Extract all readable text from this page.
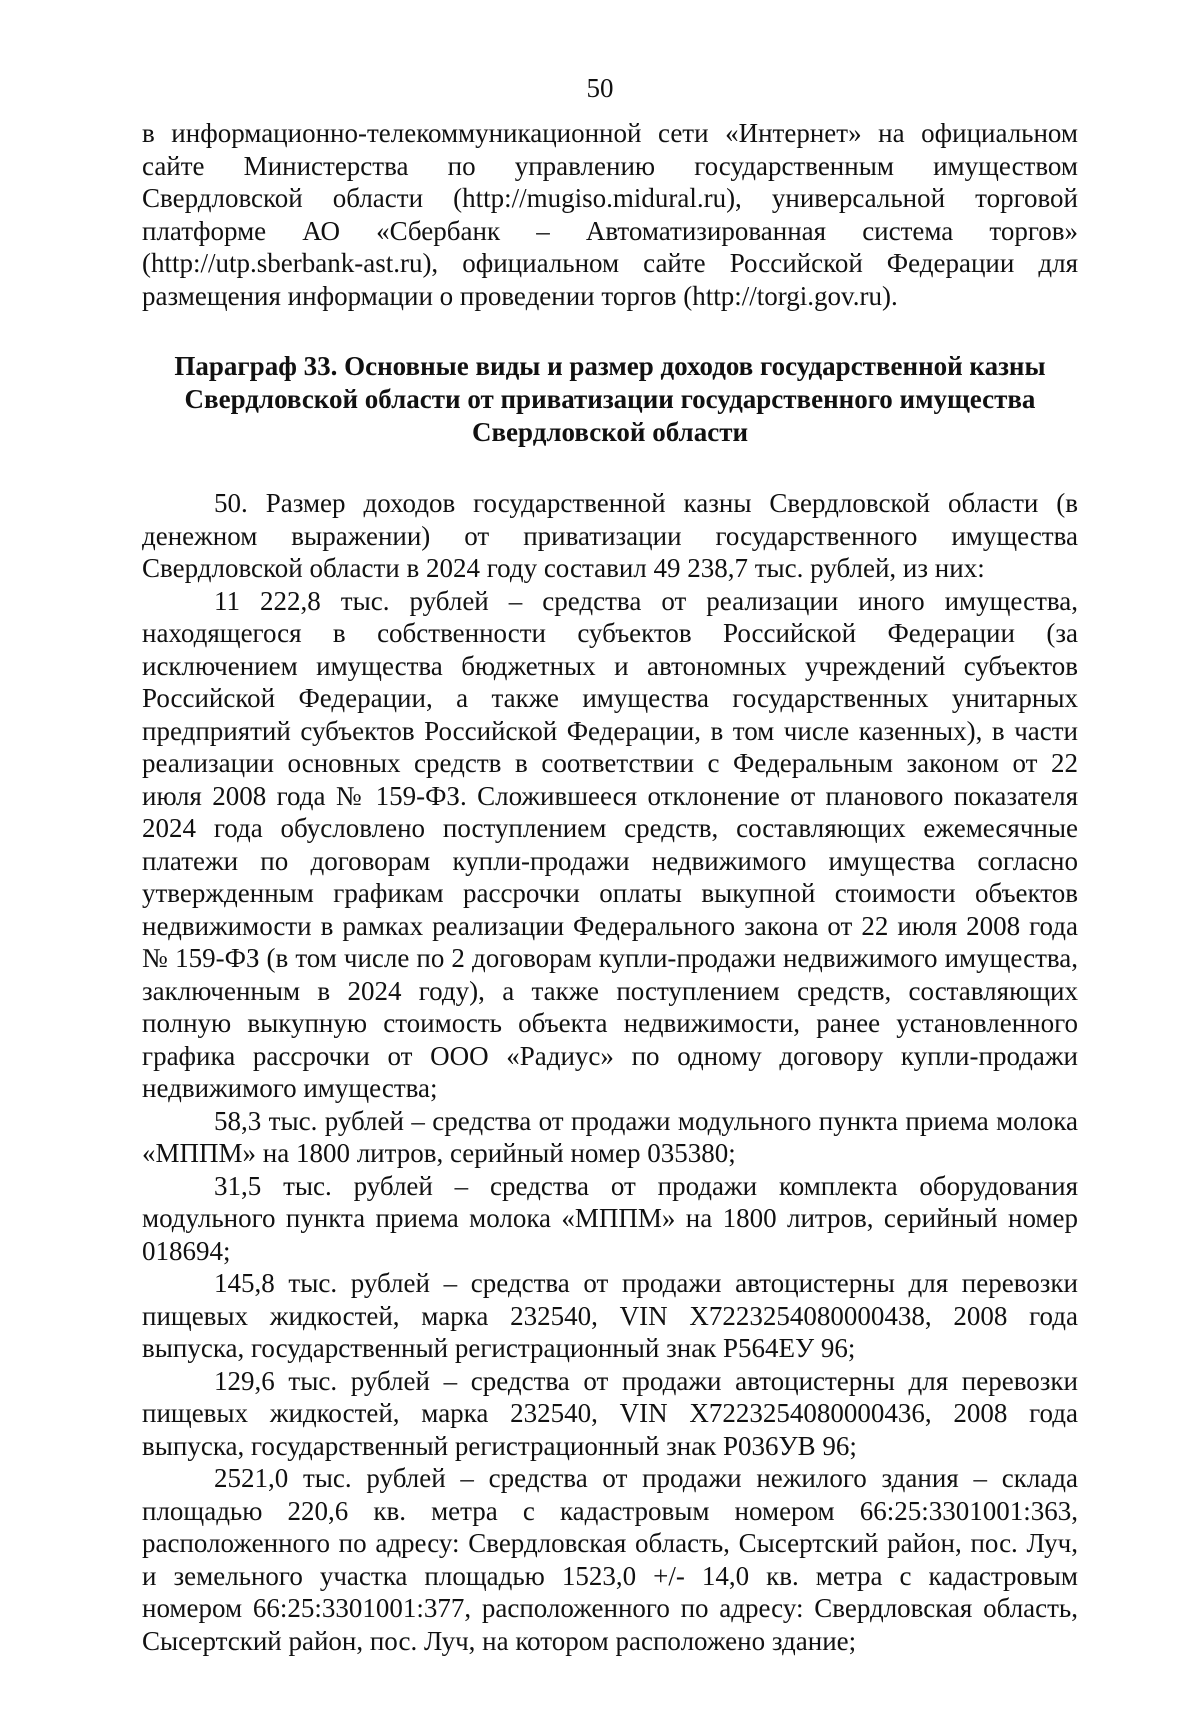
50

в информационно-телекоммуникационной сети «Интернет» на официальном сайте Министерства по управлению государственным имуществом Свердловской области (http://mugiso.midural.ru), универсальной торговой платформе АО «Сбербанк – Автоматизированная система торгов» (http://utp.sberbank-ast.ru), официальном сайте Российской Федерации для размещения информации о проведении торгов (http://torgi.gov.ru).

Параграф 33. Основные виды и размер доходов государственной казны
Свердловской области от приватизации государственного имущества
Свердловской области

50. Размер доходов государственной казны Свердловской области (в денежном выражении) от приватизации государственного имущества Свердловской области в 2024 году составил 49 238,7 тыс. рублей, из них:

11 222,8 тыс. рублей – средства от реализации иного имущества, находящегося в собственности субъектов Российской Федерации (за исключением имущества бюджетных и автономных учреждений субъектов Российской Федерации, а также имущества государственных унитарных предприятий субъектов Российской Федерации, в том числе казенных), в части реализации основных средств в соответствии с Федеральным законом от 22 июля 2008 года № 159-ФЗ. Сложившееся отклонение от планового показателя 2024 года обусловлено поступлением средств, составляющих ежемесячные платежи по договорам купли-продажи недвижимого имущества согласно утвержденным графикам рассрочки оплаты выкупной стоимости объектов недвижимости в рамках реализации Федерального закона от 22 июля 2008 года № 159-ФЗ (в том числе по 2 договорам купли-продажи недвижимого имущества, заключенным в 2024 году), а также поступлением средств, составляющих полную выкупную стоимость объекта недвижимости, ранее установленного графика рассрочки от ООО «Радиус» по одному договору купли-продажи недвижимого имущества;

58,3 тыс. рублей – средства от продажи модульного пункта приема молока «МППМ» на 1800 литров, серийный номер 035380;

31,5 тыс. рублей – средства от продажи комплекта оборудования модульного пункта приема молока «МППМ» на 1800 литров, серийный номер 018694;

145,8 тыс. рублей – средства от продажи автоцистерны для перевозки пищевых жидкостей, марка 232540, VIN X7223254080000438, 2008 года выпуска, государственный регистрационный знак Р564ЕУ 96;

129,6 тыс. рублей – средства от продажи автоцистерны для перевозки пищевых жидкостей, марка 232540, VIN X7223254080000436, 2008 года выпуска, государственный регистрационный знак Р036УВ 96;

2521,0 тыс. рублей – средства от продажи нежилого здания – склада площадью 220,6 кв. метра с кадастровым номером 66:25:3301001:363, расположенного по адресу: Свердловская область, Сысертский район, пос. Луч, и земельного участка площадью 1523,0 +/- 14,0 кв. метра с кадастровым номером 66:25:3301001:377, расположенного по адресу: Свердловская область, Сысертский район, пос. Луч, на котором расположено здание;
